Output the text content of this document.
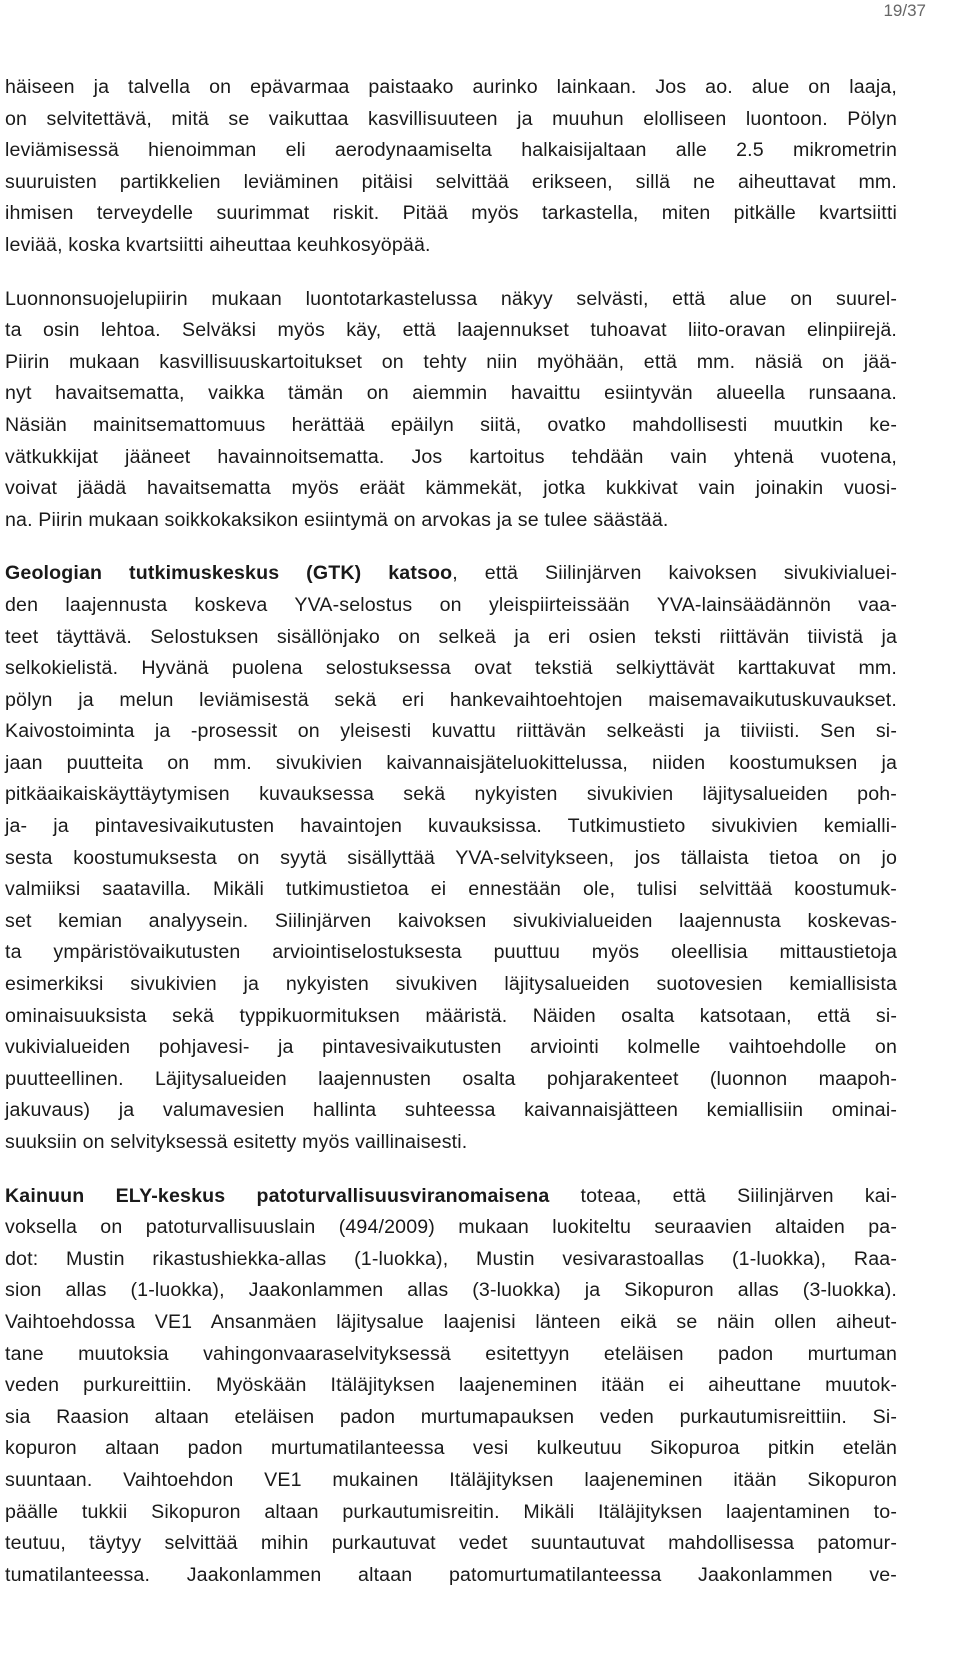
19/37

häiseen ja talvella on epävarmaa paistaako aurinko lainkaan. Jos ao. alue on laaja,
on selvitettävä, mitä se vaikuttaa kasvillisuuteen ja muuhun elolliseen luontoon. Pölyn
leviämisessä hienoimman eli aerodynaamiselta halkaisijaltaan alle 2.5 mikrometrin
suuruisten partikkelien leviäminen pitäisi selvittää erikseen, sillä ne aiheuttavat mm.
ihmisen terveydelle suurimmat riskit. Pitää myös tarkastella, miten pitkälle kvartsiitti
leviää, koska kvartsiitti aiheuttaa keuhkosyöpää.

Luonnonsuojelupiirin mukaan luontotarkastelussa näkyy selvästi, että alue on suurel-
ta osin lehtoa. Selväksi myös käy, että laajennukset tuhoavat liito-oravan elinpiirejä.
Piirin mukaan kasvillisuuskartoitukset on tehty niin myöhään, että mm. näsiä on jää-
nyt havaitsematta, vaikka tämän on aiemmin havaittu esiintyvän alueella runsaana.
Näsiän mainitsemattomuus herättää epäilyn siitä, ovatko mahdollisesti muutkin ke-
vätkukkijat jääneet havainnoitsematta. Jos kartoitus tehdään vain yhtenä vuotena,
voivat jäädä havaitsematta myös eräät kämmekät, jotka kukkivat vain joinakin vuosi-
na. Piirin mukaan soikkokaksikon esiintymä on arvokas ja se tulee säästää.

Geologian tutkimuskeskus (GTK) katsoo, että Siilinjärven kaivoksen sivukivialuei-
den laajennusta koskeva YVA-selostus on yleispiirteissään YVA-lainsäädännön vaa-
teet täyttävä. Selostuksen sisällönjako on selkeä ja eri osien teksti riittävän tiivistä ja
selkokielistä. Hyvänä puolena selostuksessa ovat tekstiä selkiyttävät karttakuvat mm.
pölyn ja melun leviämisestä sekä eri hankevaihtoehtojen maisemavaikutuskuvaukset.
Kaivostoiminta ja -prosessit on yleisesti kuvattu riittävän selkeästi ja tiiviisti. Sen si-
jaan puutteita on mm. sivukivien kaivannaisjäteluokittelussa, niiden koostumuksen ja
pitkäaikaiskäyttäytymisen kuvauksessa sekä nykyisten sivukivien läjitysalueiden poh-
ja- ja pintavesivaikutusten havaintojen kuvauksissa. Tutkimustieto sivukivien kemialli-
sesta koostumuksesta on syytä sisällyttää YVA-selvitykseen, jos tällaista tietoa on jo
valmiiksi saatavilla. Mikäli tutkimustietoa ei ennestään ole, tulisi selvittää koostumuk-
set kemian analyysein. Siilinjärven kaivoksen sivukivialueiden laajennusta koskevas-
ta ympäristövaikutusten arviointiselostuksesta puuttuu myös oleellisia mittaustietoja
esimerkiksi sivukivien ja nykyisten sivukiven läjitysalueiden suotovesien kemiallisista
ominaisuuksista sekä typpikuormituksen määristä. Näiden osalta katsotaan, että si-
vukivialueiden pohjavesi- ja pintavesivaikutusten arviointi kolmelle vaihtoehdolle on
puutteellinen. Läjitysalueiden laajennusten osalta pohjarakenteet (luonnon maapoh-
jakuvaus) ja valumavesien hallinta suhteessa kaivannaisjätteen kemiallisiin ominai-
suuksiin on selvityksessä esitetty myös vaillinaisesti.

Kainuun ELY-keskus patoturvallisuusviranomaisena toteaa, että Siilinjärven kai-
voksella on patoturvallisuuslain (494/2009) mukaan luokiteltu seuraavien altaiden pa-
dot: Mustin rikastushiekka-allas (1-luokka), Mustin vesivarastoallas (1-luokka), Raa-
sion allas (1-luokka), Jaakonlammen allas (3-luokka) ja Sikopuron allas (3-luokka).
Vaihtoehdossa VE1 Ansanmäen läjitysalue laajenisi länteen eikä se näin ollen aiheut-
tane muutoksia vahingonvaaraselvityksessä esitettyyn eteläisen padon murtuman
veden purkureittiin. Myöskään Itäläjityksen laajeneminen itään ei aiheuttane muutok-
sia Raasion altaan eteläisen padon murtumapauksen veden purkautumisreittiin. Si-
kopuron altaan padon murtumatilanteessa vesi kulkeutuu Sikopuroa pitkin etelän
suuntaan. Vaihtoehdon VE1 mukainen Itäläjityksen laajeneminen itään Sikopuron
päälle tukkii Sikopuron altaan purkautumisreitin. Mikäli Itäläjityksen laajentaminen to-
teutuu, täytyy selvittää mihin purkautuvat vedet suuntautuvat mahdollisessa patomur-
tumatilanteessa. Jaakonlammen altaan patomurtumatilanteessa Jaakonlammen ve-
